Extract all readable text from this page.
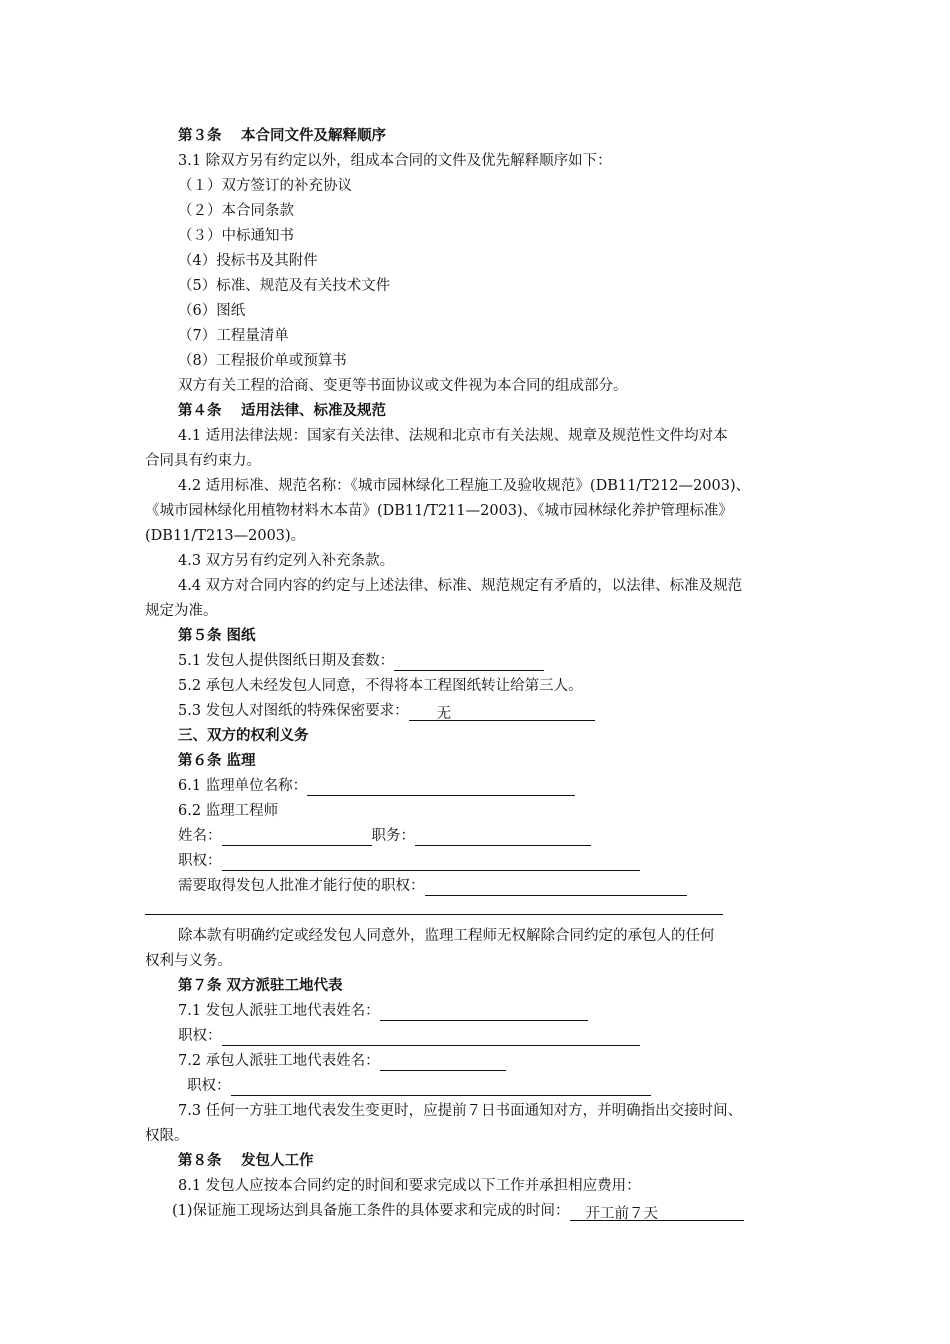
第３条　 本合同文件及解释顺序
3.1 除双方另有约定以外，组成本合同的文件及优先解释顺序如下：
（１）双方签订的补充协议
（２）本合同条款
（３）中标通知书
（4）投标书及其附件
（5）标准、规范及有关技术文件
（6）图纸
（7）工程量清单
（8）工程报价单或预算书
双方有关工程的洽商、变更等书面协议或文件视为本合同的组成部分。
第４条　 适用法律、标准及规范
4.1 适用法律法规：国家有关法律、法规和北京市有关法规、规章及规范性文件均对本
合同具有约束力。
4.2 适用标准、规范名称：《城市园林绿化工程施工及验收规范》(DB11/T212—2003)、
《城市园林绿化用植物材料木本苗》(DB11/T211—2003)、《城市园林绿化养护管理标准》
(DB11/T213—2003)。
4.3 双方另有约定列入补充条款。
4.4 双方对合同内容的约定与上述法律、标准、规范规定有矛盾的，以法律、标准及规范
规定为准。
第５条 图纸
5.1 发包人提供图纸日期及套数：
5.2 承包人未经发包人同意，不得将本工程图纸转让给第三人。
5.3 发包人对图纸的特殊保密要求： 无
三、双方的权利义务
第６条 监理
6.1 监理单位名称：
6.2 监理工程师
姓名：	职务：
职权：
需要取得发包人批准才能行使的职权：
除本款有明确约定或经发包人同意外，监理工程师无权解除合同约定的承包人的任何
权利与义务。
第７条 双方派驻工地代表
7.1 发包人派驻工地代表姓名：
职权：
7.2 承包人派驻工地代表姓名：
职权：
7.3 任何一方驻工地代表发生变更时，应提前７日书面通知对方，并明确指出交接时间、
权限。
第８条　 发包人工作
8.1 发包人应按本合同约定的时间和要求完成以下工作并承担相应费用：
(1)保证施工现场达到具备施工条件的具体要求和完成的时间： 开工前７天
